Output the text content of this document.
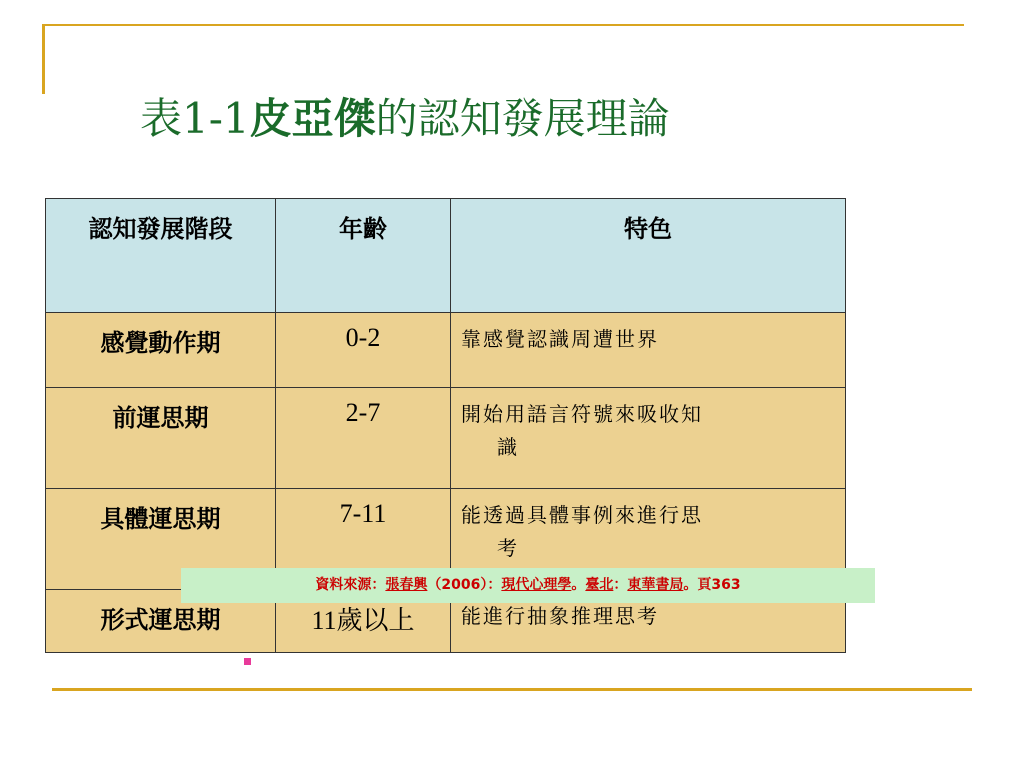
表1-1皮亞傑的認知發展理論
認知發展階段	年齡	特色
感覺動作期	0-2	靠感覺認識周遭世界
前運思期	2-7	開始用語言符號來吸收知
識

具體運思期	7-11	能透過具體事例來進行思
考

形式運思期	11歲以上	能進行抽象推理思考
資料來源：張春興（2006）：現代心理學。臺北：東華書局。頁363
